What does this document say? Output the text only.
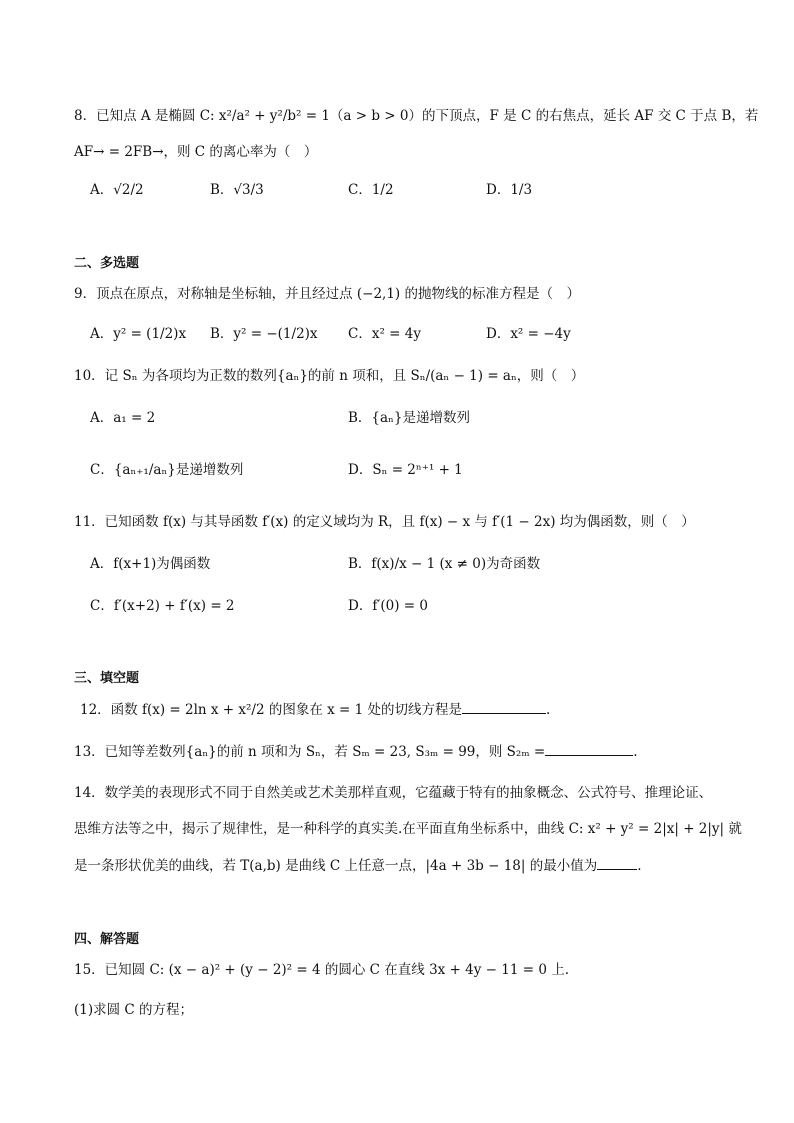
8．已知点 A 是椭圆 C: x²/a² + y²/b² = 1（a > b > 0）的下顶点，F 是 C 的右焦点，延长 AF 交 C 于点 B，若
AF→ = 2FB→，则 C 的离心率为（　）
A．√2/2	B．√3/3	C．1/2	D．1/3
二、多选题
9．顶点在原点，对称轴是坐标轴，并且经过点 (−2,1) 的抛物线的标准方程是（　）
A．y² = (1/2)x B．y² = −(1/2)x C．x² = 4y	D．x² = −4y
10．记 Sₙ 为各项均为正数的数列{aₙ}的前 n 项和，且 Sₙ/(aₙ − 1) = aₙ，则（　）
A．a₁ = 2	B．{aₙ}是递增数列
C．{aₙ₊₁/aₙ}是递增数列	D．Sₙ = 2ⁿ⁺¹ + 1
11．已知函数 f(x) 与其导函数 f′(x) 的定义域均为 R，且 f(x) − x 与 f′(1 − 2x) 均为偶函数，则（　）
A．f(x+1)为偶函数	B．f(x)/x − 1 (x ≠ 0)为奇函数
C．f′(x+2) + f′(x) = 2	D．f′(0) = 0
三、填空题
12．函数 f(x) = 2ln x + x²/2 的图象在 x = 1 处的切线方程是	.
13．已知等差数列{aₙ}的前 n 项和为 Sₙ，若 Sₘ = 23, S₃ₘ = 99，则 S₂ₘ =	.
14．数学美的表现形式不同于自然美或艺术美那样直观，它蕴藏于特有的抽象概念、公式符号、推理论证、
思维方法等之中，揭示了规律性，是一种科学的真实美.在平面直角坐标系中，曲线 C: x² + y² = 2|x| + 2|y| 就
是一条形状优美的曲线，若 T(a,b) 是曲线 C 上任意一点，|4a + 3b − 18| 的最小值为	.
四、解答题
15．已知圆 C: (x − a)² + (y − 2)² = 4 的圆心 C 在直线 3x + 4y − 11 = 0 上.
(1)求圆 C 的方程；
